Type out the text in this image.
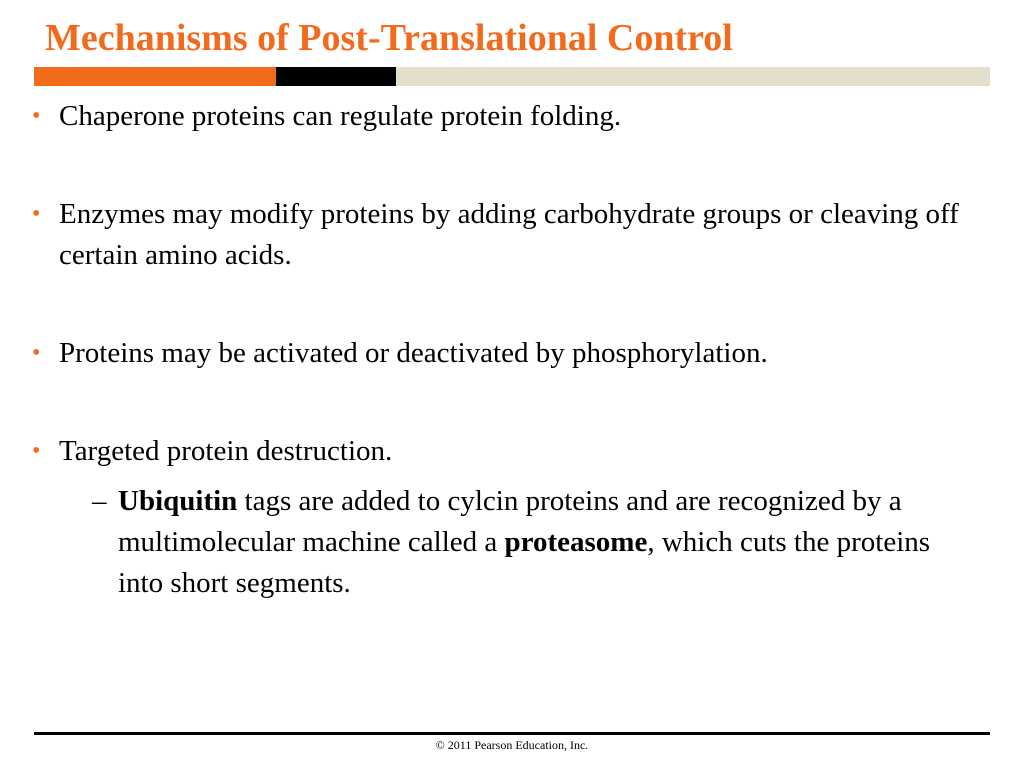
Mechanisms of Post-Translational Control
• Chaperone proteins can regulate protein folding.
• Enzymes may modify proteins by adding carbohydrate groups or cleaving off certain amino acids.
• Proteins may be activated or deactivated by phosphorylation.
• Targeted protein destruction.
– Ubiquitin tags are added to cylcin proteins and are recognized by a multimolecular machine called a proteasome, which cuts the proteins into short segments.
© 2011 Pearson Education, Inc.
